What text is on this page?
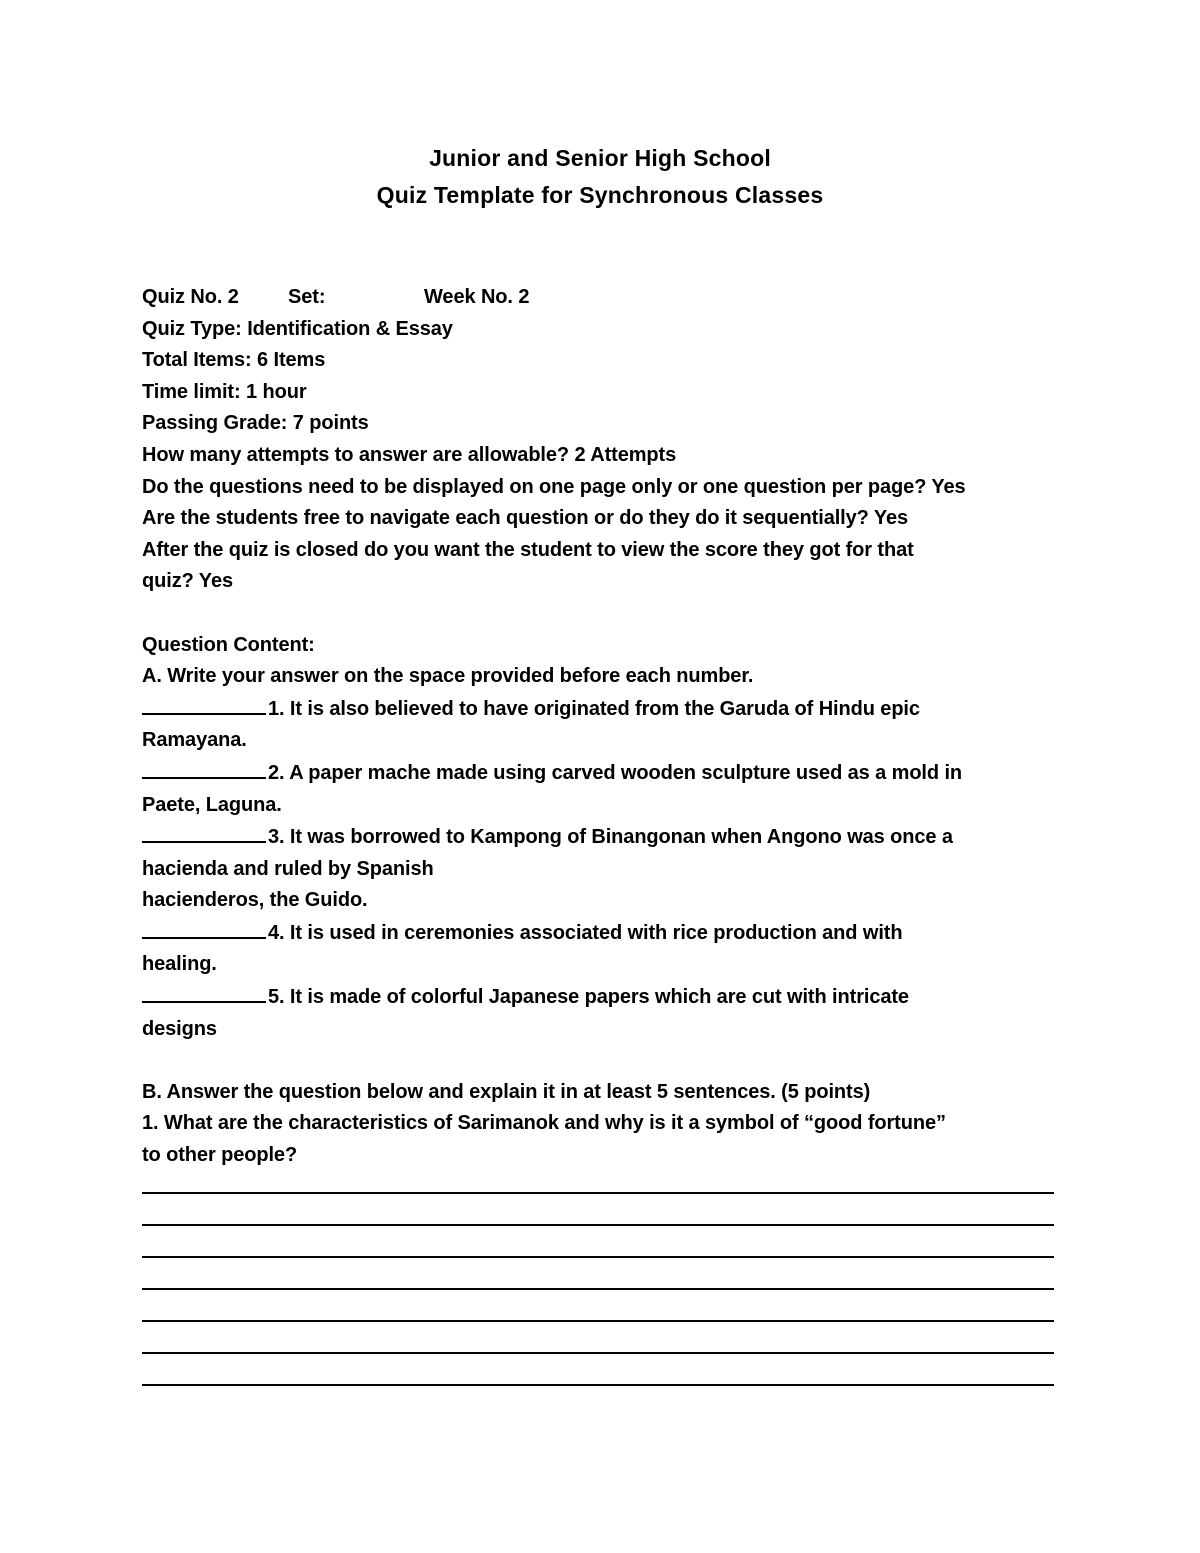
Junior and Senior High School
Quiz Template for Synchronous Classes
Quiz No. 2 Set:	Week No. 2
Quiz Type: Identification & Essay
Total Items: 6 Items
Time limit: 1 hour
Passing Grade: 7 points
How many attempts to answer are allowable? 2 Attempts
Do the questions need to be displayed on one page only or one question per page? Yes
Are the students free to navigate each question or do they do it sequentially? Yes
After the quiz is closed do you want the student to view the score they got for that
quiz? Yes
Question Content:
A. Write your answer on the space provided before each number.
1. It is also believed to have originated from the Garuda of Hindu epic
Ramayana.
2. A paper mache made using carved wooden sculpture used as a mold in
Paete, Laguna.
3. It was borrowed to Kampong of Binangonan when Angono was once a
hacienda and ruled by Spanish
hacienderos, the Guido.
4. It is used in ceremonies associated with rice production and with
healing.
5. It is made of colorful Japanese papers which are cut with intricate
designs
B. Answer the question below and explain it in at least 5 sentences. (5 points)
1. What are the characteristics of Sarimanok and why is it a symbol of “good fortune”
to other people?
